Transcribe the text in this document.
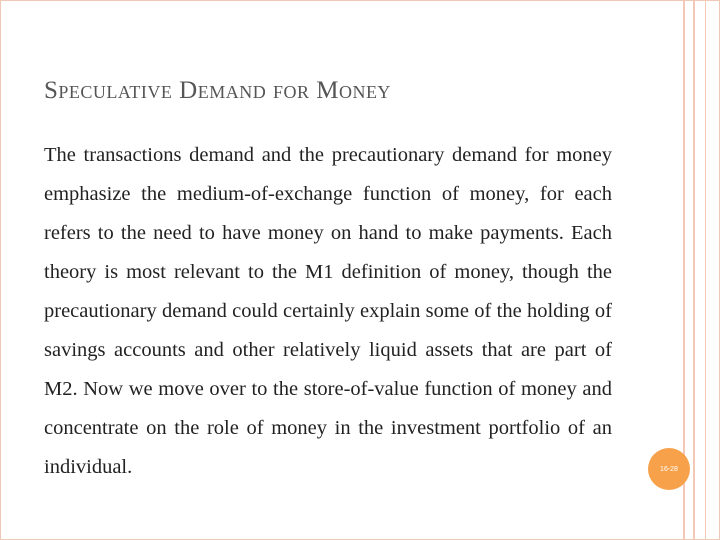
Speculative Demand for Money

The transactions demand and the precautionary demand for money emphasize the medium-of-exchange function of money, for each refers to the need to have money on hand to make payments. Each theory is most relevant to the M1 definition of money, though the precautionary demand could certainly explain some of the holding of savings accounts and other relatively liquid assets that are part of M2. Now we move over to the store-of-value function of money and concentrate on the role of money in the investment portfolio of an individual.	16-28
